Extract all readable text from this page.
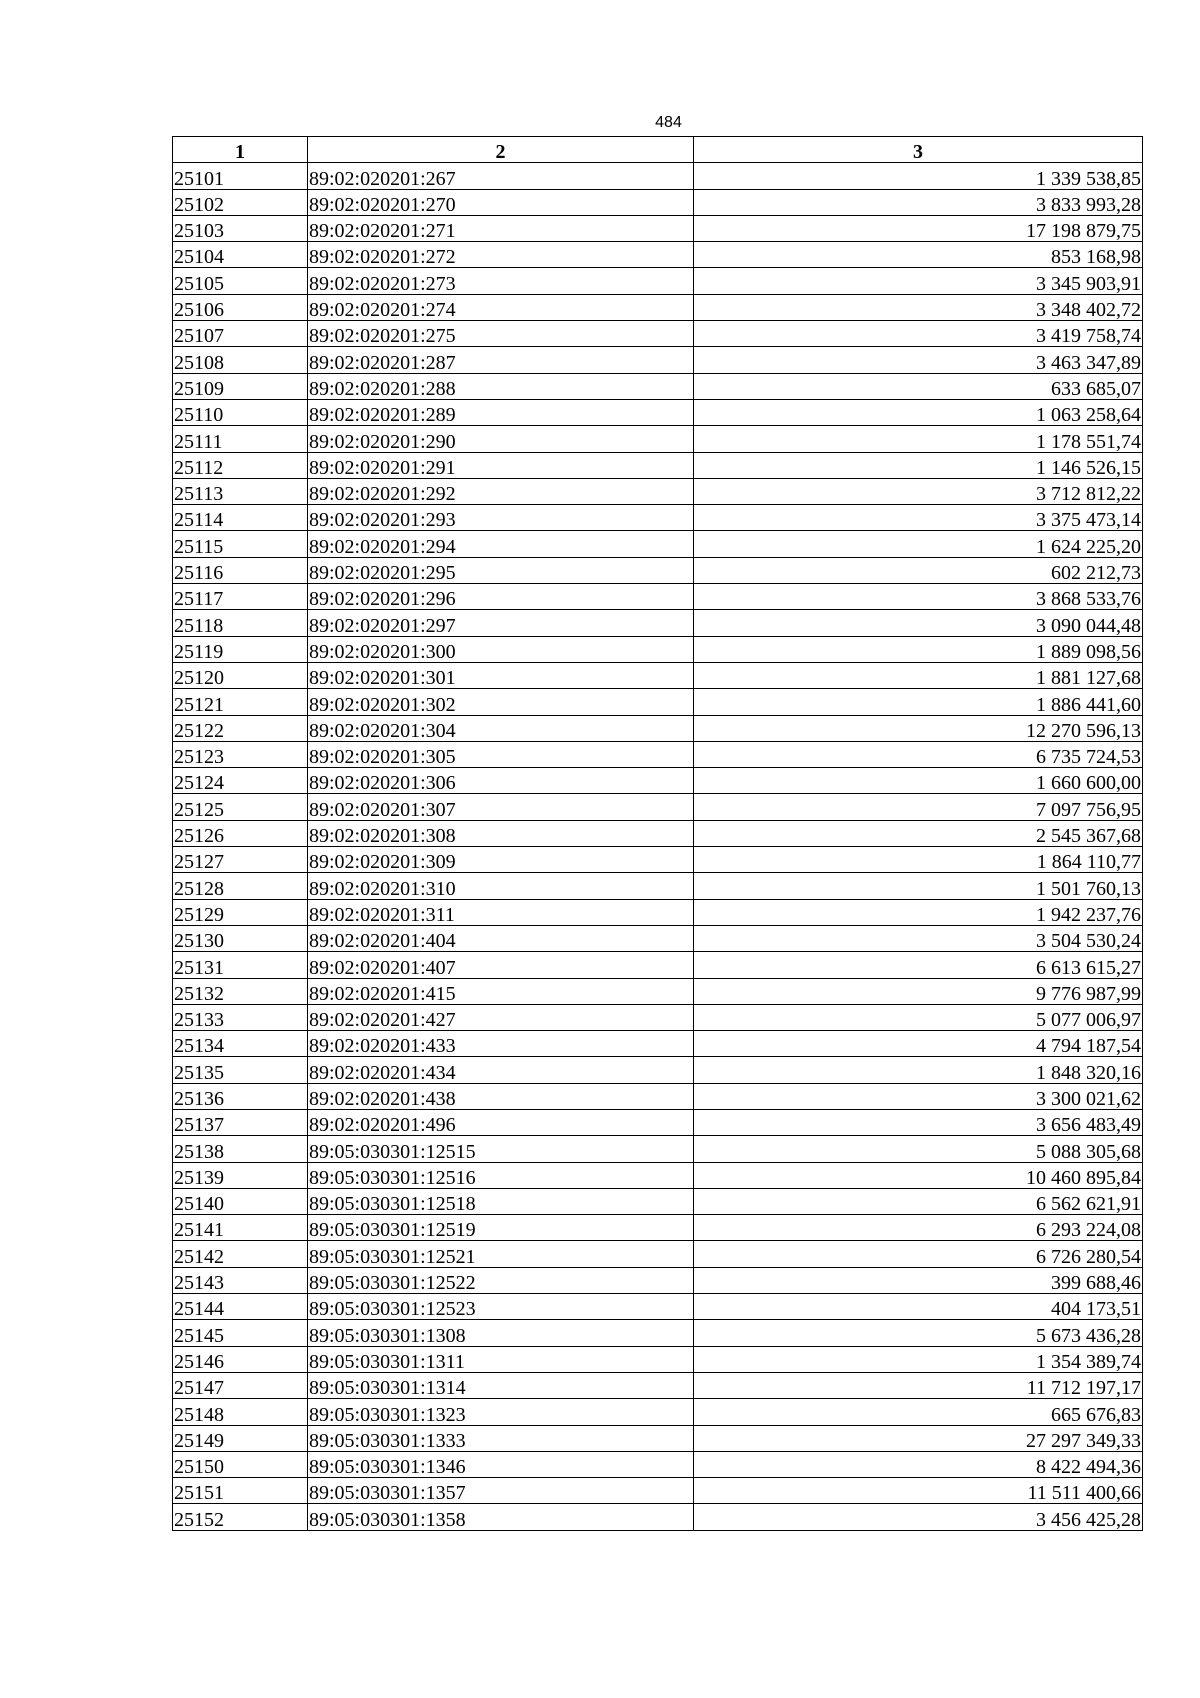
484
1	2	3
25101	89:02:020201:267	1 339 538,85
25102	89:02:020201:270	3 833 993,28
25103	89:02:020201:271	17 198 879,75
25104	89:02:020201:272	853 168,98
25105	89:02:020201:273	3 345 903,91
25106	89:02:020201:274	3 348 402,72
25107	89:02:020201:275	3 419 758,74
25108	89:02:020201:287	3 463 347,89
25109	89:02:020201:288	633 685,07
25110	89:02:020201:289	1 063 258,64
25111	89:02:020201:290	1 178 551,74
25112	89:02:020201:291	1 146 526,15
25113	89:02:020201:292	3 712 812,22
25114	89:02:020201:293	3 375 473,14
25115	89:02:020201:294	1 624 225,20
25116	89:02:020201:295	602 212,73
25117	89:02:020201:296	3 868 533,76
25118	89:02:020201:297	3 090 044,48
25119	89:02:020201:300	1 889 098,56
25120	89:02:020201:301	1 881 127,68
25121	89:02:020201:302	1 886 441,60
25122	89:02:020201:304	12 270 596,13
25123	89:02:020201:305	6 735 724,53
25124	89:02:020201:306	1 660 600,00
25125	89:02:020201:307	7 097 756,95
25126	89:02:020201:308	2 545 367,68
25127	89:02:020201:309	1 864 110,77
25128	89:02:020201:310	1 501 760,13
25129	89:02:020201:311	1 942 237,76
25130	89:02:020201:404	3 504 530,24
25131	89:02:020201:407	6 613 615,27
25132	89:02:020201:415	9 776 987,99
25133	89:02:020201:427	5 077 006,97
25134	89:02:020201:433	4 794 187,54
25135	89:02:020201:434	1 848 320,16
25136	89:02:020201:438	3 300 021,62
25137	89:02:020201:496	3 656 483,49
25138	89:05:030301:12515	5 088 305,68
25139	89:05:030301:12516	10 460 895,84
25140	89:05:030301:12518	6 562 621,91
25141	89:05:030301:12519	6 293 224,08
25142	89:05:030301:12521	6 726 280,54
25143	89:05:030301:12522	399 688,46
25144	89:05:030301:12523	404 173,51
25145	89:05:030301:1308	5 673 436,28
25146	89:05:030301:1311	1 354 389,74
25147	89:05:030301:1314	11 712 197,17
25148	89:05:030301:1323	665 676,83
25149	89:05:030301:1333	27 297 349,33
25150	89:05:030301:1346	8 422 494,36
25151	89:05:030301:1357	11 511 400,66
25152	89:05:030301:1358	3 456 425,28
